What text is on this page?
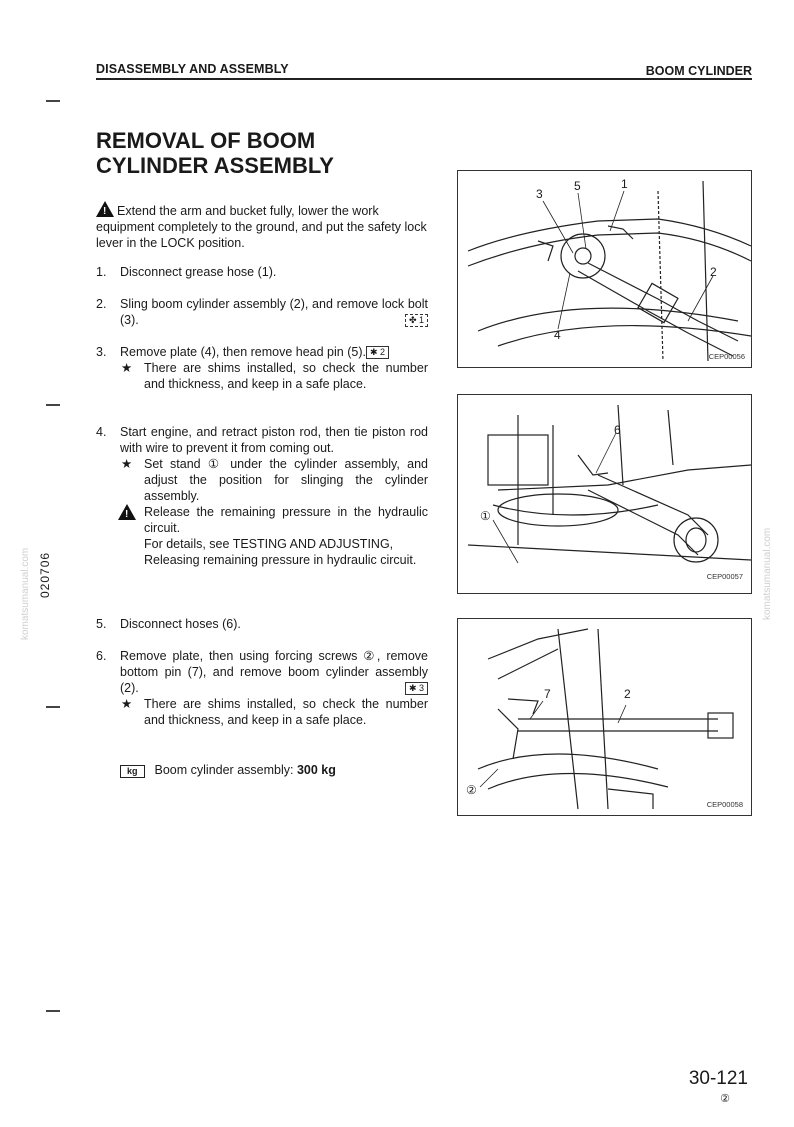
DISASSEMBLY AND ASSEMBLY	BOOM CYLINDER
020706
komatsumanual.com	komatsumanual.com
REMOVAL OF BOOM
CYLINDER ASSEMBLY
!Extend the arm and bucket fully, lower the work equipment completely to the ground, and put the safety lock lever in the LOCK position.
1.	Disconnect grease hose (1).
2.	Sling boom cylinder assembly (2), and remove lock bolt (3).	✤ 1
3.	Remove plate (4), then remove head pin (5). ✱ 2
★ There are shims installed, so check the number and thickness, and keep in a safe place.
4.	Start engine, and retract piston rod, then tie piston rod with wire to prevent it from coming out.
★ Set stand ① under the cylinder assembly, and adjust the position for slinging the cylinder assembly.
!
Release the remaining pressure in the hydraulic circuit.
For details, see TESTING AND ADJUSTING, Releasing remaining pressure in hydraulic circuit.
5.	Disconnect hoses (6).
6.	Remove plate, then using forcing screws ②, remove bottom pin (7), and remove boom cylinder assembly (2).	✱ 3
★ There are shims installed, so check the number and thickness, and keep in a safe place.
kg Boom cylinder assembly: 300 kg
3
5	1
2
4
CEP00056
6
①
CEP00057
7	2
②
CEP00058
30-121
②
